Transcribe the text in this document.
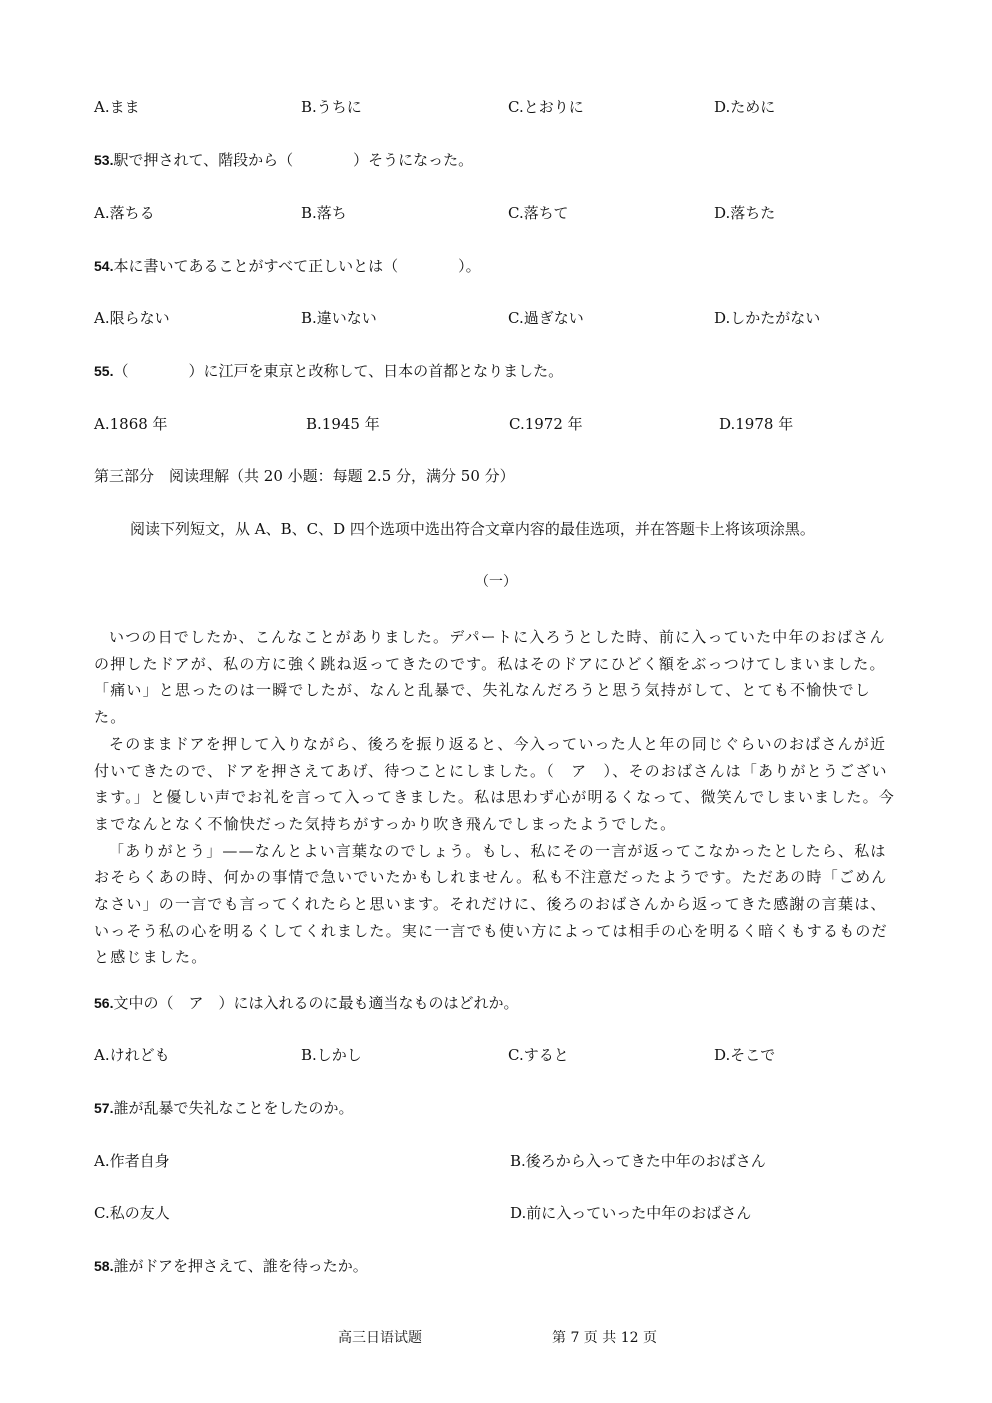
A.まま	B.うちに	C.とおりに	D.ために
53.駅で押されて、階段から（　　　　）そうになった。
A.落ちる	B.落ち	C.落ちて	D.落ちた
54.本に書いてあることがすべて正しいとは（　　　　）。
A.限らない	B.違いない	C.過ぎない	D.しかたがない
55.（　　　　）に江戸を東京と改称して、日本の首都となりました。
A.1868 年	B.1945 年	C.1972 年	D.1978 年
第三部分　阅读理解（共 20 小题：每题 2.5 分，满分 50 分）
阅读下列短文，从 A、B、C、D 四个选项中选出符合文章内容的最佳选项，并在答题卡上将该项涂黑。
（一）

いつの日でしたか、こんなことがありました。デパートに入ろうとした時、前に入っていた中年のおばさんの押したドアが、私の方に強く跳ね返ってきたのです。私はそのドアにひどく額をぶっつけてしまいました。「痛い」と思ったのは一瞬でしたが、なんと乱暴で、失礼なんだろうと思う気持がして、とても不愉快でした。

そのままドアを押して入りながら、後ろを振り返ると、今入っていった人と年の同じぐらいのおばさんが近付いてきたので、ドアを押さえてあげ、待つことにしました。（　ア　）、そのおばさんは「ありがとうございます。」と優しい声でお礼を言って入ってきました。私は思わず心が明るくなって、微笑んでしまいました。今までなんとなく不愉快だった気持ちがすっかり吹き飛んでしまったようでした。

「ありがとう」——なんとよい言葉なのでしょう。もし、私にその一言が返ってこなかったとしたら、私はおそらくあの時、何かの事情で急いでいたかもしれません。私も不注意だったようです。ただあの時「ごめんなさい」の一言でも言ってくれたらと思います。それだけに、後ろのおばさんから返ってきた感謝の言葉は、いっそう私の心を明るくしてくれました。実に一言でも使い方によっては相手の心を明るく暗くもするものだと感じました。

56.文中の（　ア　）には入れるのに最も適当なものはどれか。
A.けれども	B.しかし	C.すると	D.そこで
57.誰が乱暴で失礼なことをしたのか。
A.作者自身	B.後ろから入ってきた中年のおばさん
C.私の友人	D.前に入っていった中年のおばさん
58.誰がドアを押さえて、誰を待ったか。
高三日语试题	第 7 页 共 12 页
